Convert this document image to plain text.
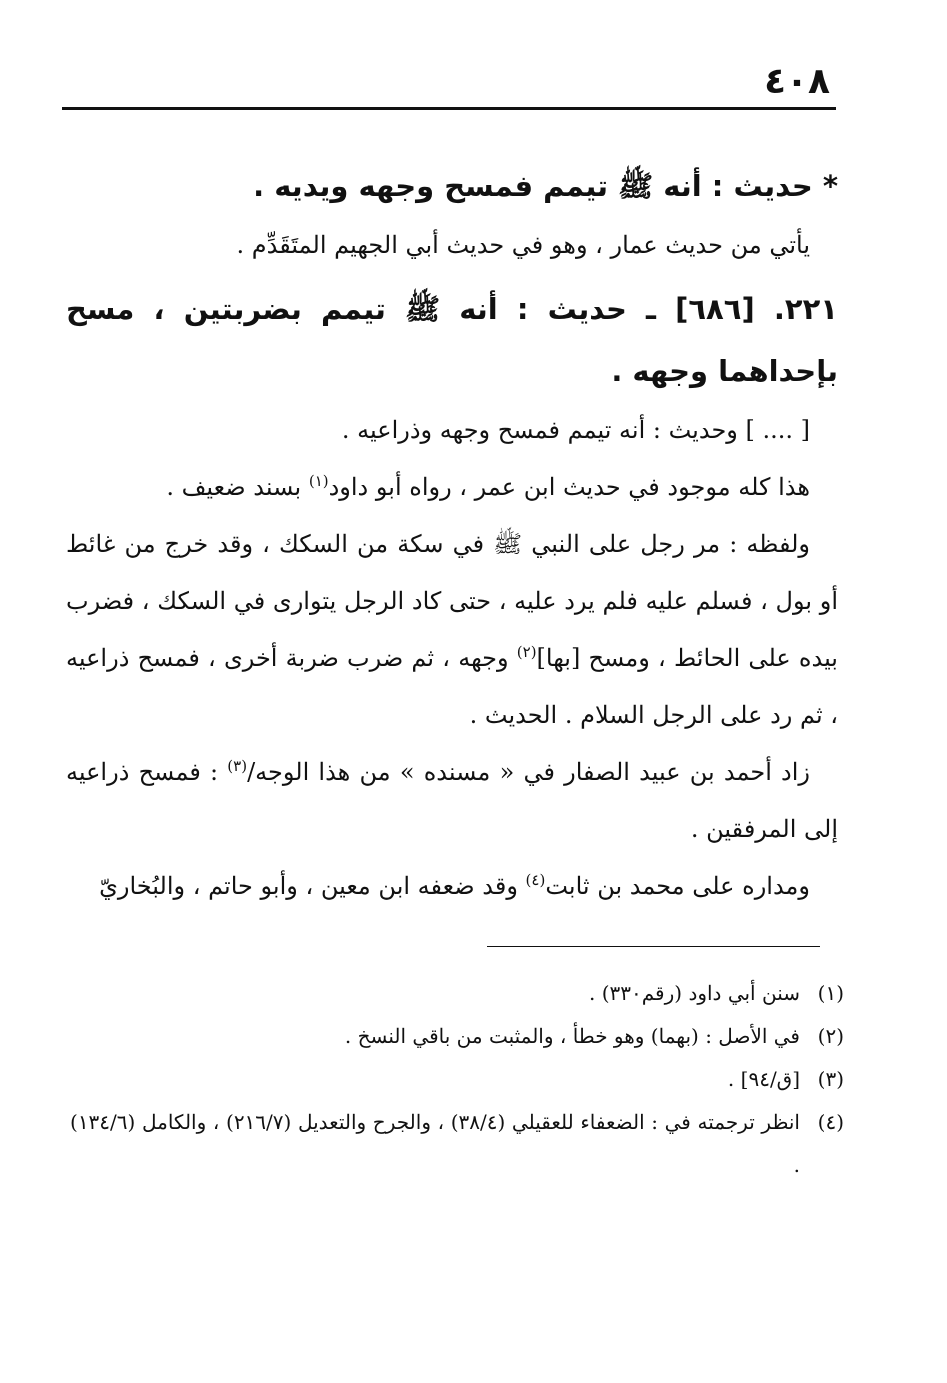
٤٠٨

* حديث : أنه ﷺ تيمم فمسح وجهه ويديه .

يأتي من حديث عمار ، وهو في حديث أبي الجهيم المتَقَدِّم .

٢٢١. [٦٨٦] ـ حديث : أنه ﷺ تيمم بضربتين ، مسح بإحداهما وجهه .

[ .... ] وحديث : أنه تيمم فمسح وجهه وذراعيه .

هذا كله موجود في حديث ابن عمر ، رواه أبو داود$^{(١)}$ بسند ضعيف .

ولفظه : مر رجل على النبي ﷺ في سكة من السكك ، وقد خرج من غائط أو بول ، فسلم عليه فلم يرد عليه ، حتى كاد الرجل يتوارى في السكك ، فضرب بيده على الحائط ، ومسح [بها]$^{(٢)}$ وجهه ، ثم ضرب ضربة أخرى ، فمسح ذراعيه ، ثم رد على الرجل السلام . الحديث .

زاد أحمد بن عبيد الصفار في « مسنده » من هذا الوجه/$^{(٣)}$ : فمسح ذراعيه إلى المرفقين .

ومداره على محمد بن ثابت$^{(٤)}$ وقد ضعفه ابن معين ، وأبو حاتم ، والبُخاريّ

(١)
سنن أبي داود (رقم٣٣٠) .

(٢)
في الأصل : (بهما) وهو خطأ ، والمثبت من باقي النسخ .

(٣)
[ق/٩٤] .

(٤)
انظر ترجمته في : الضعفاء للعقيلي (٣٨/٤) ، والجرح والتعديل (٢١٦/٧) ، والكامل (١٣٤/٦) .
